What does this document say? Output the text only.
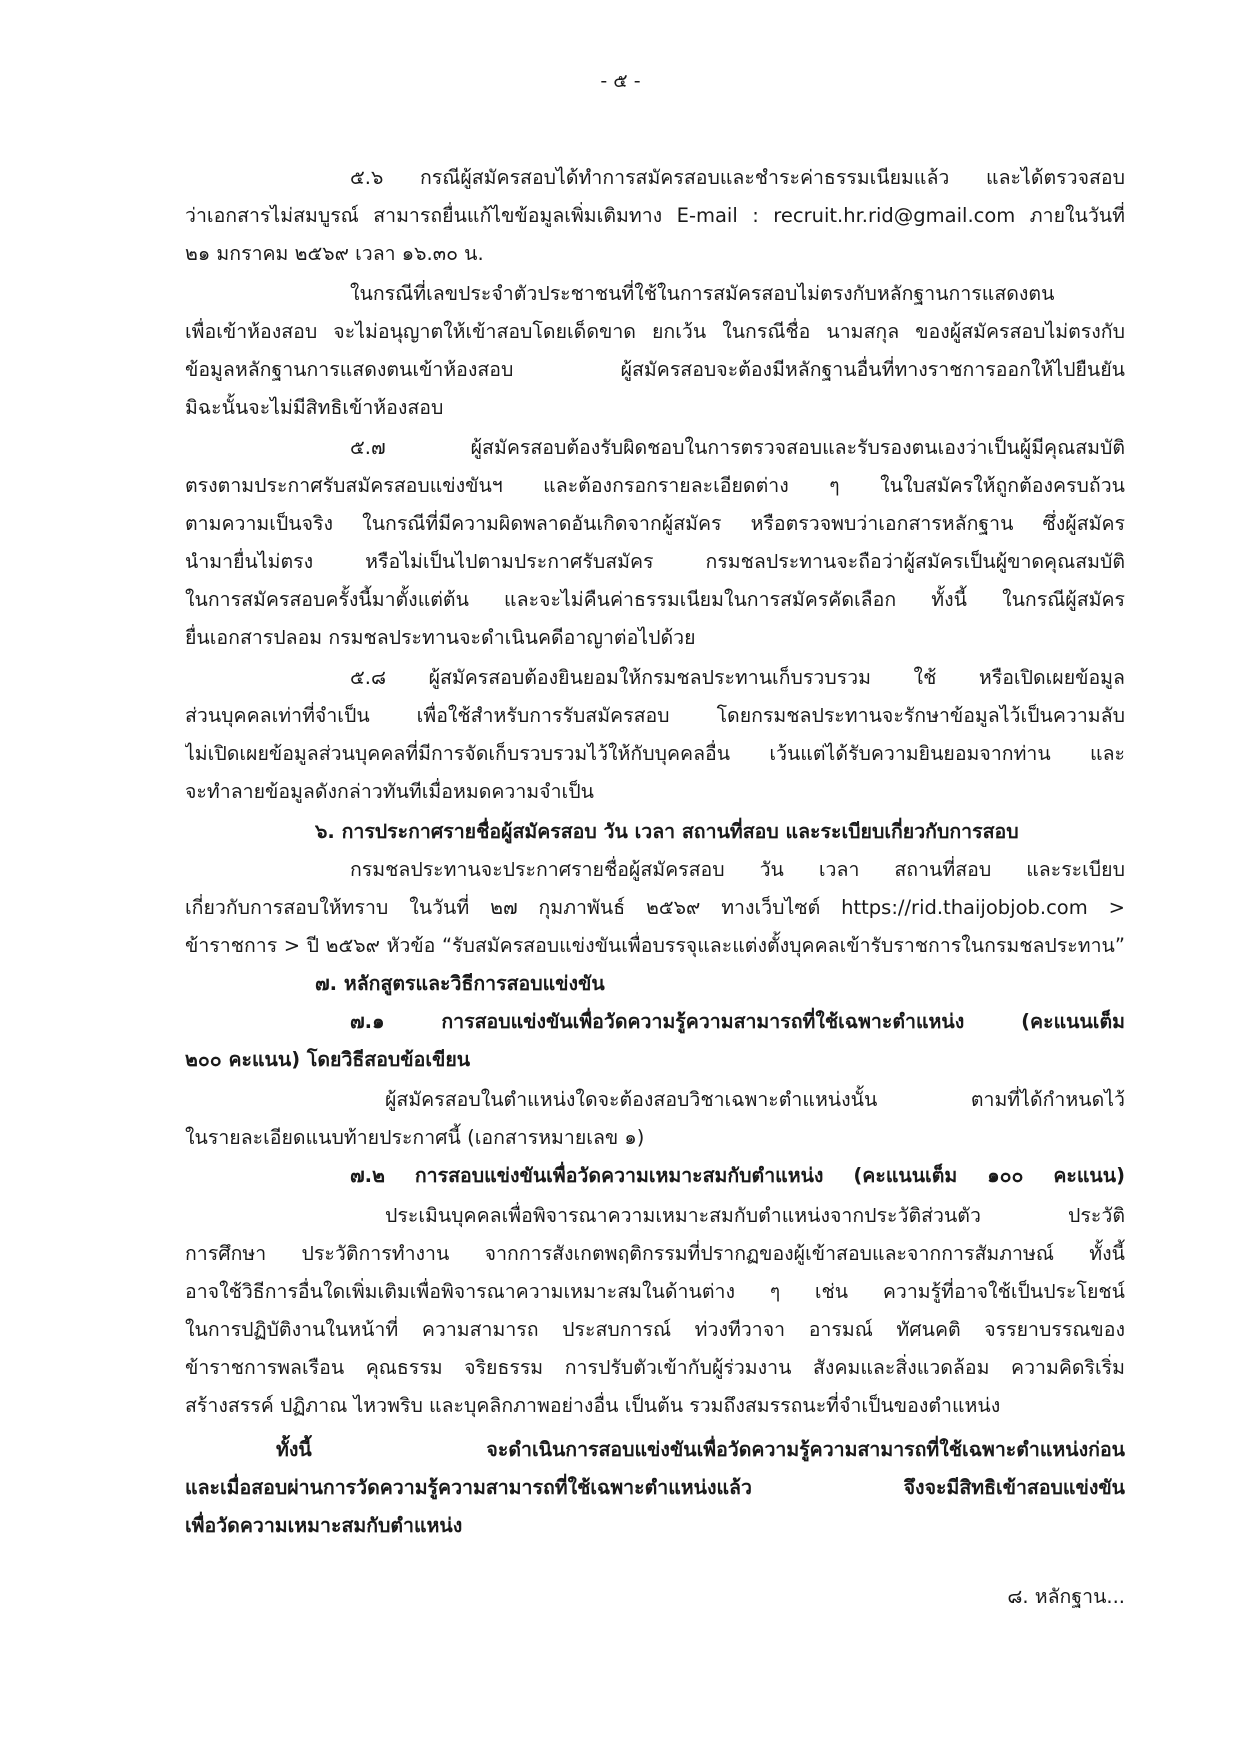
- ๕ -
๕.๖ กรณีผู้สมัครสอบได้ทำการสมัครสอบและชำระค่าธรรมเนียมแล้ว และได้ตรวจสอบ
ว่าเอกสารไม่สมบูรณ์ สามารถยื่นแก้ไขข้อมูลเพิ่มเติมทาง E-mail : recruit.hr.rid@gmail.com ภายในวันที่
๒๑ มกราคม ๒๕๖๙ เวลา ๑๖.๓๐ น.
ในกรณีที่เลขประจำตัวประชาชนที่ใช้ในการสมัครสอบไม่ตรงกับหลักฐานการแสดงตน
เพื่อเข้าห้องสอบ จะไม่อนุญาตให้เข้าสอบโดยเด็ดขาด ยกเว้น ในกรณีชื่อ นามสกุล ของผู้สมัครสอบไม่ตรงกับ
ข้อมูลหลักฐานการแสดงตนเข้าห้องสอบ ผู้สมัครสอบจะต้องมีหลักฐานอื่นที่ทางราชการออกให้ไปยืนยัน
มิฉะนั้นจะไม่มีสิทธิเข้าห้องสอบ
๕.๗ ผู้สมัครสอบต้องรับผิดชอบในการตรวจสอบและรับรองตนเองว่าเป็นผู้มีคุณสมบัติ
ตรงตามประกาศรับสมัครสอบแข่งขันฯ และต้องกรอกรายละเอียดต่าง ๆ ในใบสมัครให้ถูกต้องครบถ้วน
ตามความเป็นจริง ในกรณีที่มีความผิดพลาดอันเกิดจากผู้สมัคร หรือตรวจพบว่าเอกสารหลักฐาน ซึ่งผู้สมัคร
นำมายื่นไม่ตรง หรือไม่เป็นไปตามประกาศรับสมัคร กรมชลประทานจะถือว่าผู้สมัครเป็นผู้ขาดคุณสมบัติ
ในการสมัครสอบครั้งนี้มาตั้งแต่ต้น และจะไม่คืนค่าธรรมเนียมในการสมัครคัดเลือก ทั้งนี้ ในกรณีผู้สมัคร
ยื่นเอกสารปลอม กรมชลประทานจะดำเนินคดีอาญาต่อไปด้วย
๕.๘ ผู้สมัครสอบต้องยินยอมให้กรมชลประทานเก็บรวบรวม ใช้ หรือเปิดเผยข้อมูล
ส่วนบุคคลเท่าที่จำเป็น เพื่อใช้สำหรับการรับสมัครสอบ โดยกรมชลประทานจะรักษาข้อมูลไว้เป็นความลับ
ไม่เปิดเผยข้อมูลส่วนบุคคลที่มีการจัดเก็บรวบรวมไว้ให้กับบุคคลอื่น เว้นแต่ได้รับความยินยอมจากท่าน และ
จะทำลายข้อมูลดังกล่าวทันทีเมื่อหมดความจำเป็น
๖. การประกาศรายชื่อผู้สมัครสอบ วัน เวลา สถานที่สอบ และระเบียบเกี่ยวกับการสอบ
กรมชลประทานจะประกาศรายชื่อผู้สมัครสอบ วัน เวลา สถานที่สอบ และระเบียบ
เกี่ยวกับการสอบให้ทราบ ในวันที่ ๒๗ กุมภาพันธ์ ๒๕๖๙ ทางเว็บไซต์ https://rid.thaijobjob.com >
ข้าราชการ > ปี ๒๕๖๙ หัวข้อ “รับสมัครสอบแข่งขันเพื่อบรรจุและแต่งตั้งบุคคลเข้ารับราชการในกรมชลประทาน”
๗. หลักสูตรและวิธีการสอบแข่งขัน
๗.๑ การสอบแข่งขันเพื่อวัดความรู้ความสามารถที่ใช้เฉพาะตำแหน่ง (คะแนนเต็ม
๒๐๐ คะแนน) โดยวิธีสอบข้อเขียน
ผู้สมัครสอบในตำแหน่งใดจะต้องสอบวิชาเฉพาะตำแหน่งนั้น ตามที่ได้กำหนดไว้
ในรายละเอียดแนบท้ายประกาศนี้ (เอกสารหมายเลข ๑)
๗.๒ การสอบแข่งขันเพื่อวัดความเหมาะสมกับตำแหน่ง (คะแนนเต็ม ๑๐๐ คะแนน)
ประเมินบุคคลเพื่อพิจารณาความเหมาะสมกับตำแหน่งจากประวัติส่วนตัว ประวัติ
การศึกษา ประวัติการทำงาน จากการสังเกตพฤติกรรมที่ปรากฏของผู้เข้าสอบและจากการสัมภาษณ์ ทั้งนี้
อาจใช้วิธีการอื่นใดเพิ่มเติมเพื่อพิจารณาความเหมาะสมในด้านต่าง ๆ เช่น ความรู้ที่อาจใช้เป็นประโยชน์
ในการปฏิบัติงานในหน้าที่ ความสามารถ ประสบการณ์ ท่วงทีวาจา อารมณ์ ทัศนคติ จรรยาบรรณของ
ข้าราชการพลเรือน คุณธรรม จริยธรรม การปรับตัวเข้ากับผู้ร่วมงาน สังคมและสิ่งแวดล้อม ความคิดริเริ่ม
สร้างสรรค์ ปฏิภาณ ไหวพริบ และบุคลิกภาพอย่างอื่น เป็นต้น รวมถึงสมรรถนะที่จำเป็นของตำแหน่ง
ทั้งนี้ จะดำเนินการสอบแข่งขันเพื่อวัดความรู้ความสามารถที่ใช้เฉพาะตำแหน่งก่อน
และเมื่อสอบผ่านการวัดความรู้ความสามารถที่ใช้เฉพาะตำแหน่งแล้ว จึงจะมีสิทธิเข้าสอบแข่งขัน
เพื่อวัดความเหมาะสมกับตำแหน่ง
๘. หลักฐาน...
